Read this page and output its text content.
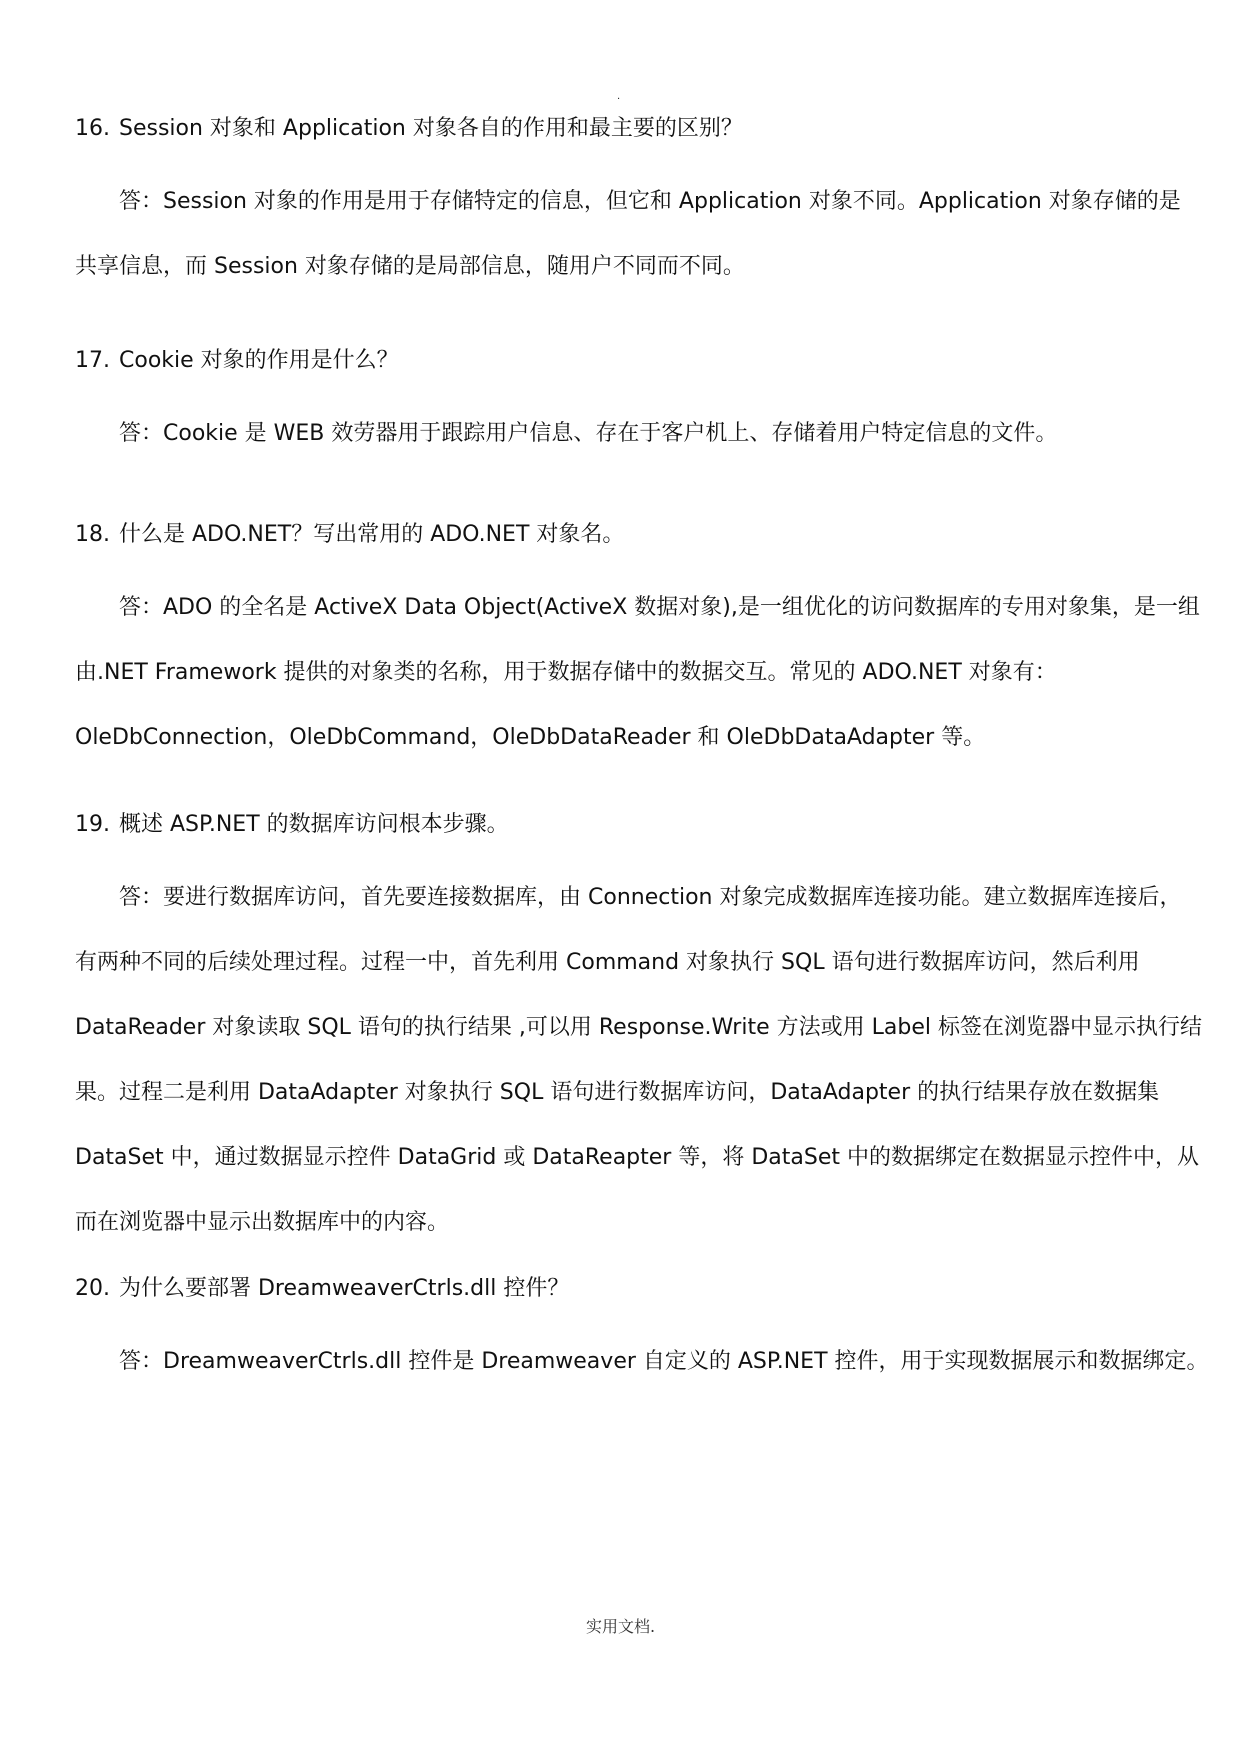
.
16. Session 对象和 Application 对象各自的作用和最主要的区别？
答：Session 对象的作用是用于存储特定的信息，但它和 Application 对象不同。Application 对象存储的是
共享信息，而 Session 对象存储的是局部信息，随用户不同而不同。
17. Cookie 对象的作用是什么？
答：Cookie 是 WEB 效劳器用于跟踪用户信息、存在于客户机上、存储着用户特定信息的文件。
18. 什么是 ADO.NET？写出常用的 ADO.NET 对象名。
答：ADO 的全名是 ActiveX Data Object(ActiveX 数据对象),是一组优化的访问数据库的专用对象集，是一组
由.NET Framework 提供的对象类的名称，用于数据存储中的数据交互。常见的 ADO.NET 对象有：
OleDbConnection，OleDbCommand，OleDbDataReader 和 OleDbDataAdapter 等。
19. 概述 ASP.NET 的数据库访问根本步骤。
答：要进行数据库访问，首先要连接数据库，由 Connection 对象完成数据库连接功能。建立数据库连接后，
有两种不同的后续处理过程。过程一中，首先利用 Command 对象执行 SQL 语句进行数据库访问，然后利用
DataReader 对象读取 SQL 语句的执行结果 ,可以用 Response.Write 方法或用 Label 标签在浏览器中显示执行结
果。过程二是利用 DataAdapter 对象执行 SQL 语句进行数据库访问，DataAdapter 的执行结果存放在数据集
DataSet 中，通过数据显示控件 DataGrid 或 DataReapter 等，将 DataSet 中的数据绑定在数据显示控件中，从
而在浏览器中显示出数据库中的内容。
20. 为什么要部署 DreamweaverCtrls.dll 控件？
答：DreamweaverCtrls.dll 控件是 Dreamweaver 自定义的 ASP.NET 控件，用于实现数据展示和数据绑定。
实用文档.
